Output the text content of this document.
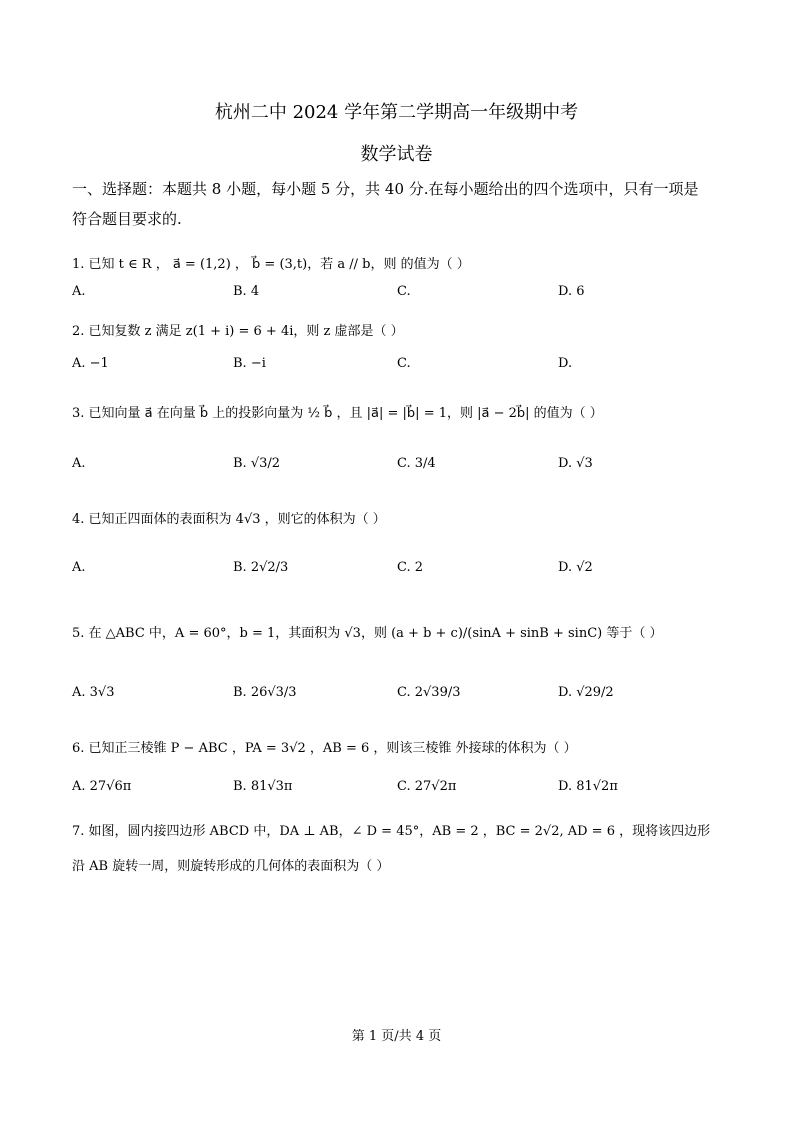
杭州二中 2024 学年第二学期高一年级期中考
数学试卷
一、选择题：本题共 8 小题，每小题 5 分，共 40 分.在每小题给出的四个选项中，只有一项是
符合题目要求的.
1. 已知 t ∈ R ， a⃗ = (1,2) ， b⃗ = (3,t)，若 a // b，则 的值为（ ）
A.	B. 4	C.	D. 6
2. 已知复数 z 满足 z(1 + i) = 6 + 4i，则 z 虚部是（ ）
A. −1	B. −i	C.	D.
3. 已知向量 a⃗ 在向量 b⃗ 上的投影向量为 ½ b⃗ ，且 |a⃗| = |b⃗| = 1，则 |a⃗ − 2b⃗| 的值为（ ）
A.	B. √3/2	C. 3/4	D. √3
4. 已知正四面体的表面积为 4√3 ，则它的体积为（ ）
A.	B. 2√2/3	C. 2	D. √2
5. 在 △ABC 中，A = 60°，b = 1，其面积为 √3，则 (a + b + c)/(sinA + sinB + sinC) 等于（ ）
A. 3√3	B. 26√3/3	C. 2√39/3	D. √29/2
6. 已知正三棱锥 P − ABC ，PA = 3√2 ，AB = 6 ，则该三棱锥 外接球的体积为（ ）
A. 27√6π	B. 81√3π	C. 27√2π	D. 81√2π
7. 如图，圆内接四边形 ABCD 中，DA ⊥ AB，∠ D = 45°，AB = 2 ，BC = 2√2, AD = 6 ，现将该四边形
沿 AB 旋转一周，则旋转形成的几何体的表面积为（ ）
第 1 页/共 4 页
